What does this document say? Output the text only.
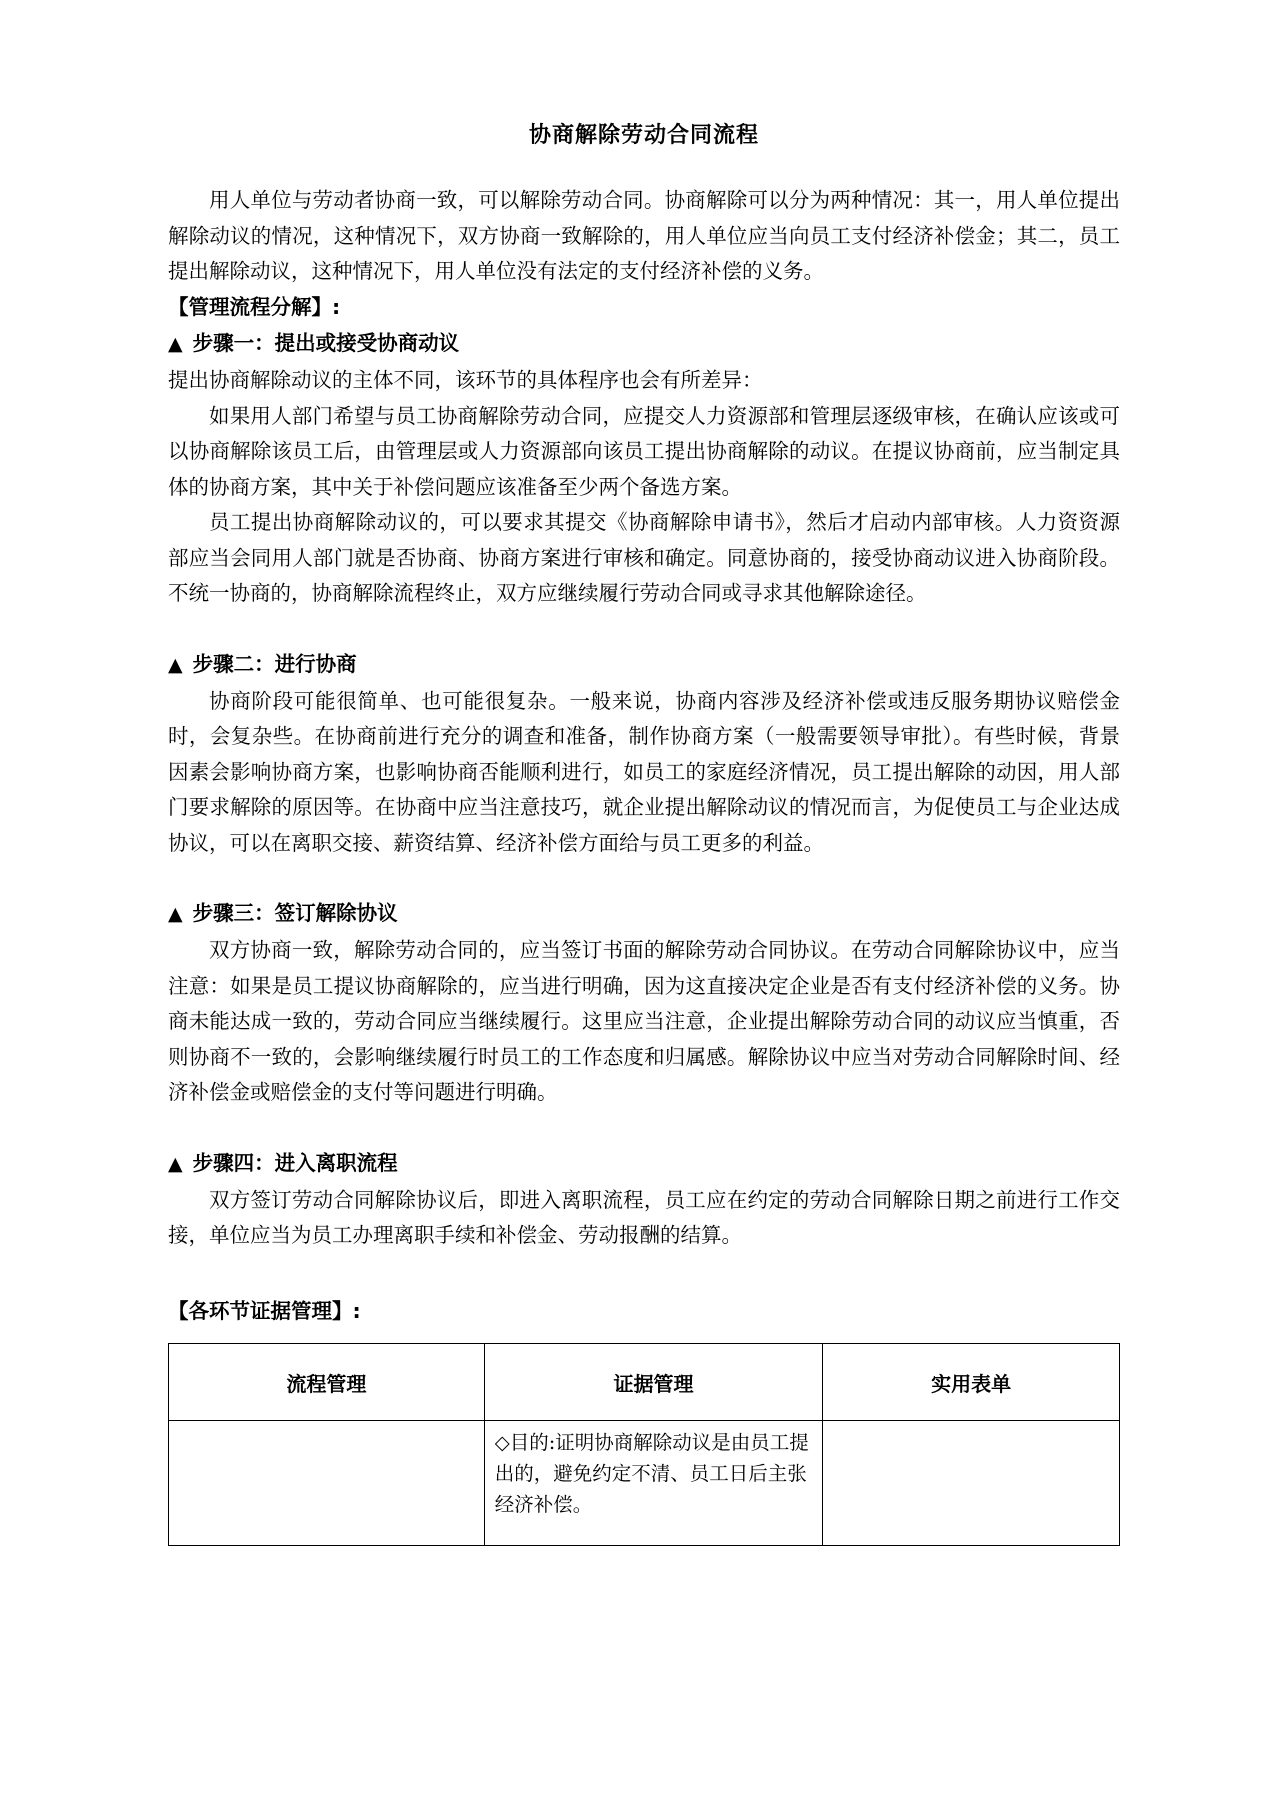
协商解除劳动合同流程

用人单位与劳动者协商一致，可以解除劳动合同。协商解除可以分为两种情况：其一，用人单位提出解除动议的情况，这种情况下，双方协商一致解除的，用人单位应当向员工支付经济补偿金；其二，员工提出解除动议，这种情况下，用人单位没有法定的支付经济补偿的义务。

【管理流程分解】:

▲ 步骤一：提出或接受协商动议

提出协商解除动议的主体不同，该环节的具体程序也会有所差异：

如果用人部门希望与员工协商解除劳动合同，应提交人力资源部和管理层逐级审核，在确认应该或可以协商解除该员工后，由管理层或人力资源部向该员工提出协商解除的动议。在提议协商前，应当制定具体的协商方案，其中关于补偿问题应该准备至少两个备选方案。

员工提出协商解除动议的，可以要求其提交《协商解除申请书》，然后才启动内部审核。人力资资源部应当会同用人部门就是否协商、协商方案进行审核和确定。同意协商的，接受协商动议进入协商阶段。不统一协商的，协商解除流程终止，双方应继续履行劳动合同或寻求其他解除途径。

▲ 步骤二：进行协商

协商阶段可能很简单、也可能很复杂。一般来说，协商内容涉及经济补偿或违反服务期协议赔偿金时，会复杂些。在协商前进行充分的调查和准备，制作协商方案（一般需要领导审批）。有些时候，背景因素会影响协商方案，也影响协商否能顺利进行，如员工的家庭经济情况，员工提出解除的动因，用人部门要求解除的原因等。在协商中应当注意技巧，就企业提出解除动议的情况而言，为促使员工与企业达成协议，可以在离职交接、薪资结算、经济补偿方面给与员工更多的利益。

▲ 步骤三：签订解除协议

双方协商一致，解除劳动合同的，应当签订书面的解除劳动合同协议。在劳动合同解除协议中，应当注意：如果是员工提议协商解除的，应当进行明确，因为这直接决定企业是否有支付经济补偿的义务。协商未能达成一致的，劳动合同应当继续履行。这里应当注意，企业提出解除劳动合同的动议应当慎重，否则协商不一致的，会影响继续履行时员工的工作态度和归属感。解除协议中应当对劳动合同解除时间、经济补偿金或赔偿金的支付等问题进行明确。

▲ 步骤四：进入离职流程

双方签订劳动合同解除协议后，即进入离职流程，员工应在约定的劳动合同解除日期之前进行工作交接，单位应当为员工办理离职手续和补偿金、劳动报酬的结算。

【各环节证据管理】:

流程管理	证据管理	实用表单
	◇目的:证明协商解除动议是由员工提出的，避免约定不清、员工日后主张经济补偿。	
